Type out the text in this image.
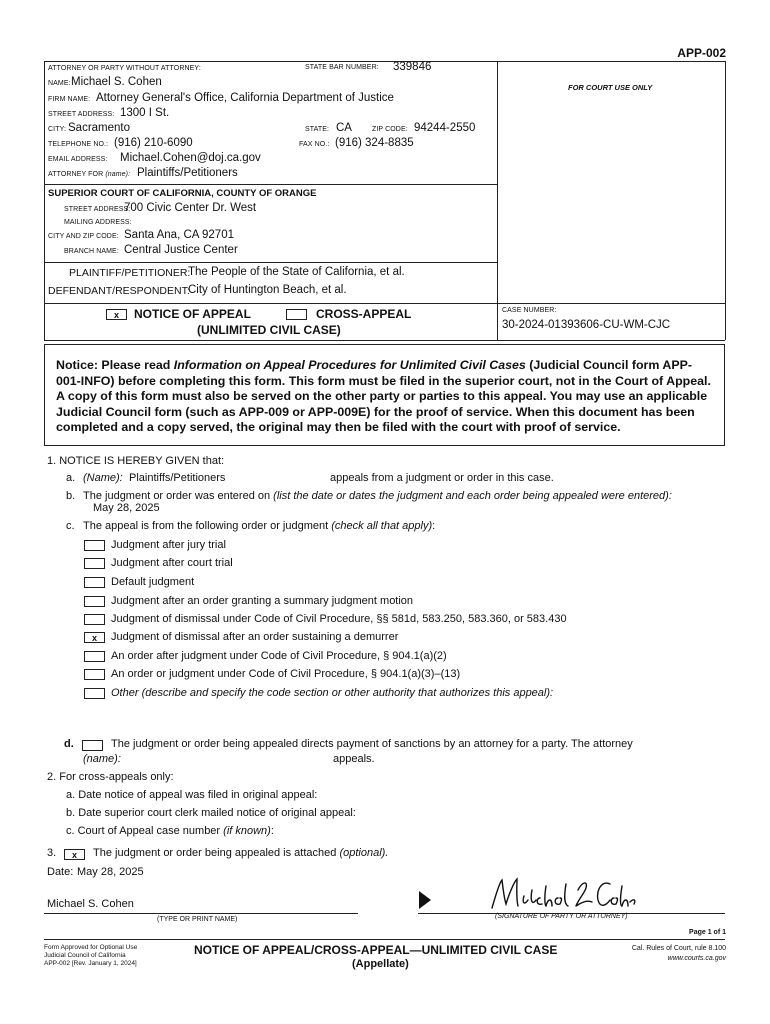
APP-002
ATTORNEY OR PARTY WITHOUT ATTORNEY:	STATE BAR NUMBER: 339846
NAME: Michael S. Cohen
FIRM NAME: Attorney General's Office, California Department of Justice
STREET ADDRESS: 1300 I St.
CITY: Sacramento	STATE: CA	ZIP CODE: 94244-2550
TELEPHONE NO.: (916) 210-6090	FAX NO.: (916) 324-8835
EMAIL ADDRESS: Michael.Cohen@doj.ca.gov
ATTORNEY FOR (name): Plaintiffs/Petitioners
FOR COURT USE ONLY
SUPERIOR COURT OF CALIFORNIA, COUNTY OF ORANGE
STREET ADDRESS:
700 Civic Center Dr. West
MAILING ADDRESS:
CITY AND ZIP CODE: Santa Ana, CA 92701
BRANCH NAME: Central Justice Center
PLAINTIFF/PETITIONER:
The People of the State of California, et al.
DEFENDANT/RESPONDENT:
City of Huntington Beach, et al.
x	NOTICE OF APPEAL	CROSS-APPEAL
(UNLIMITED CIVIL CASE)
CASE NUMBER:
30-2024-01393606-CU-WM-CJC
Notice: Please read Information on Appeal Procedures for Unlimited Civil Cases (Judicial Council form APP-001-INFO) before completing this form. This form must be filed in the superior court, not in the Court of Appeal. A copy of this form must also be served on the other party or parties to this appeal. You may use an applicable Judicial Council form (such as APP-009 or APP-009E) for the proof of service. When this document has been completed and a copy served, the original may then be filed with the court with proof of service.
1. NOTICE IS HEREBY GIVEN that:
a. (Name): Plaintiffs/Petitioners	appeals from a judgment or order in this case.
b. The judgment or order was entered on (list the date or dates the judgment and each order being appealed were entered):
May 28, 2025
c. The appeal is from the following order or judgment (check all that apply):
Judgment after jury trial
Judgment after court trial
Default judgment
Judgment after an order granting a summary judgment motion
Judgment of dismissal under Code of Civil Procedure, §§ 581d, 583.250, 583.360, or 583.430
x	Judgment of dismissal after an order sustaining a demurrer
An order after judgment under Code of Civil Procedure, § 904.1(a)(2)
An order or judgment under Code of Civil Procedure, § 904.1(a)(3)–(13)
Other (describe and specify the code section or other authority that authorizes this appeal):
d.	The judgment or order being appealed directs payment of sanctions by an attorney for a party. The attorney
(name):	appeals.
2. For cross-appeals only:
a. Date notice of appeal was filed in original appeal:
b. Date superior court clerk mailed notice of original appeal:
c. Court of Appeal case number (if known):
3.	x	The judgment or order being appealed is attached (optional).
Date: May 28, 2025
Michael S. Cohen
(TYPE OR PRINT NAME)	(SIGNATURE OF PARTY OR ATTORNEY)
Page 1 of 1
Form Approved for Optional Use
Judicial Council of California
APP-002 [Rev. January 1, 2024]
NOTICE OF APPEAL/CROSS-APPEAL—UNLIMITED CIVIL CASE
(Appellate)
Cal. Rules of Court, rule 8.100
www.courts.ca.gov
